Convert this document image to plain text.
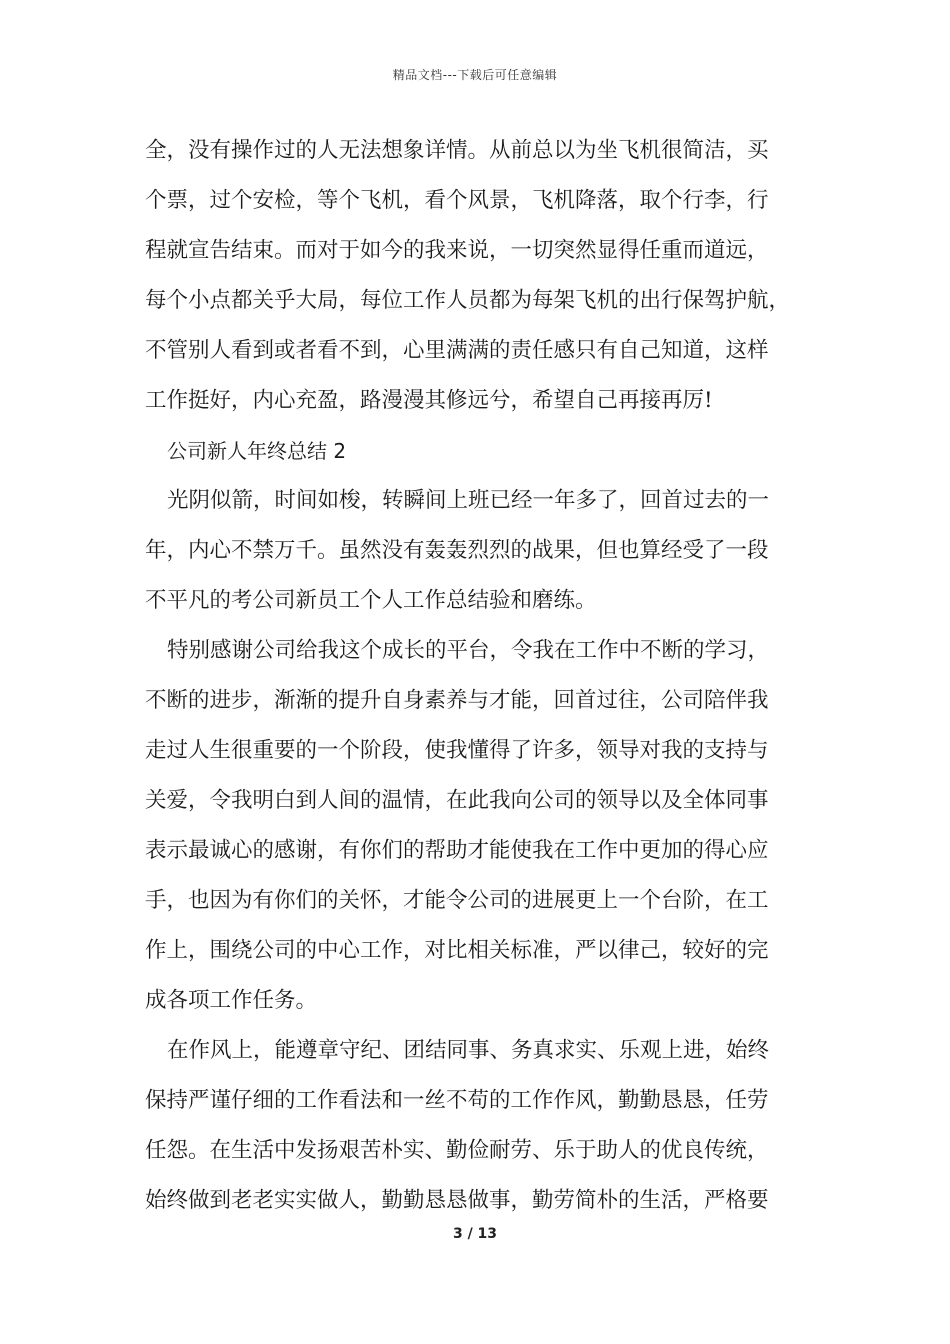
精品文档---下载后可任意编辑
全，没有操作过的人无法想象详情。从前总以为坐飞机很简洁，买
个票，过个安检，等个飞机，看个风景，飞机降落，取个行李，行
程就宣告结束。而对于如今的我来说，一切突然显得任重而道远，
每个小点都关乎大局，每位工作人员都为每架飞机的出行保驾护航，
不管别人看到或者看不到，心里满满的责任感只有自己知道，这样
工作挺好，内心充盈，路漫漫其修远兮，希望自己再接再厉!
公司新人年终总结 2
光阴似箭，时间如梭，转瞬间上班已经一年多了，回首过去的一
年，内心不禁万千。虽然没有轰轰烈烈的战果，但也算经受了一段
不平凡的考公司新员工个人工作总结验和磨练。
特别感谢公司给我这个成长的平台，令我在工作中不断的学习，
不断的进步，渐渐的提升自身素养与才能，回首过往，公司陪伴我
走过人生很重要的一个阶段，使我懂得了许多，领导对我的支持与
关爱，令我明白到人间的温情，在此我向公司的领导以及全体同事
表示最诚心的感谢，有你们的帮助才能使我在工作中更加的得心应
手，也因为有你们的关怀，才能令公司的进展更上一个台阶，在工
作上，围绕公司的中心工作，对比相关标准，严以律己，较好的完
成各项工作任务。
在作风上，能遵章守纪、团结同事、务真求实、乐观上进，始终
保持严谨仔细的工作看法和一丝不苟的工作作风，勤勤恳恳，任劳
任怨。在生活中发扬艰苦朴实、勤俭耐劳、乐于助人的优良传统，
始终做到老老实实做人，勤勤恳恳做事，勤劳简朴的生活，严格要
3 / 13
